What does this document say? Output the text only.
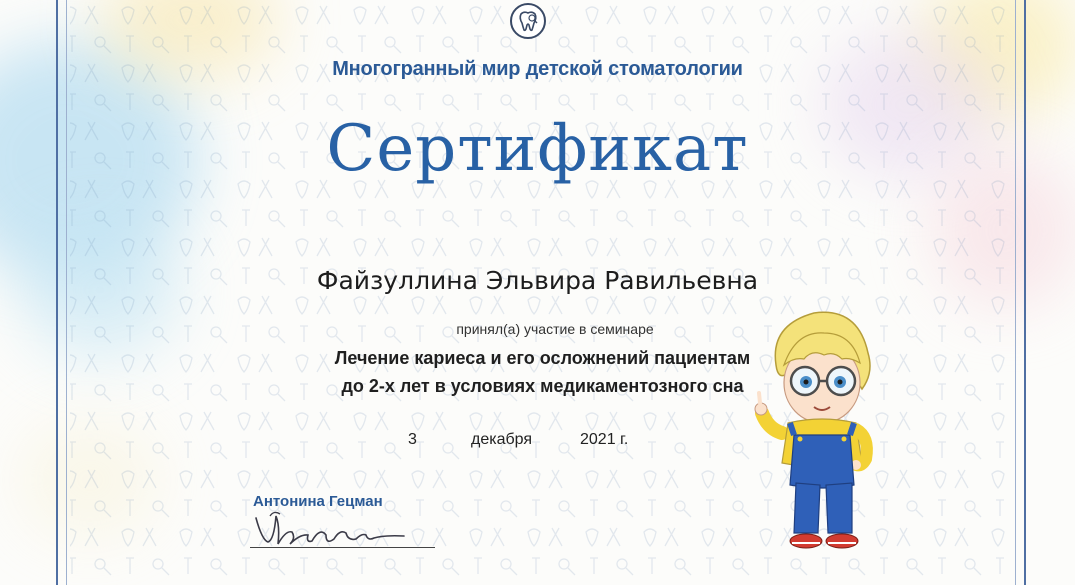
Многогранный мир детской стоматологии
Сертификат
Файзуллина Эльвира Равильевна
принял(а) участие в семинаре
Лечение кариеса и его осложнений пациентам
до 2-х лет в условиях медикаментозного сна
3	декабря	2021 г.
Антонина Гецман
